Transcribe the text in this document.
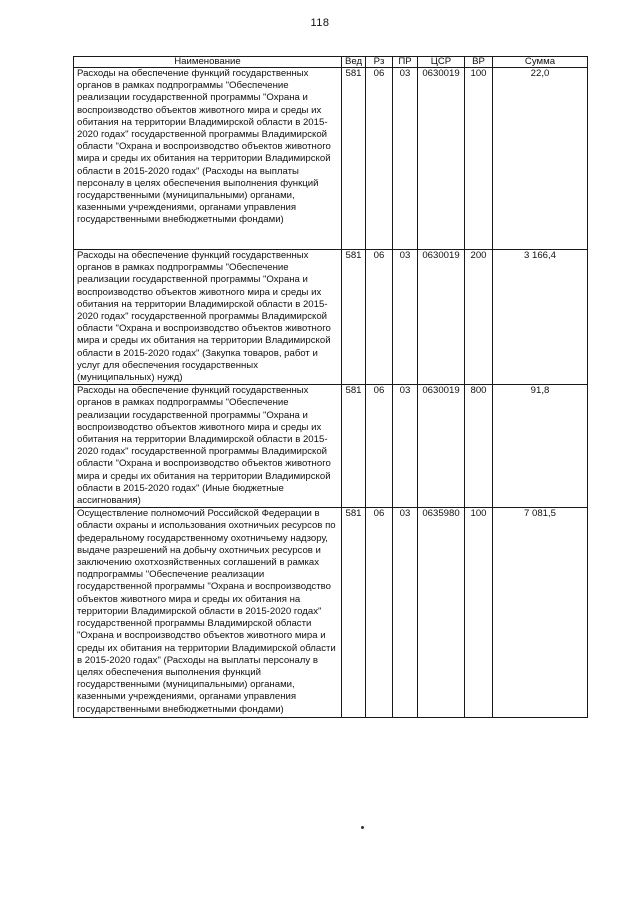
118
Наименование	Вед	Рз	ПР	ЦСР	ВР	Сумма
Расходы на обеспечение функций государственных органов в рамках подпрограммы "Обеспечение реализации государственной программы "Охрана и воспроизводство объектов животного мира и среды их обитания на территории Владимирской области в 2015-2020 годах" государственной программы Владимирской области "Охрана и воспроизводство объектов животного мира и среды их обитания на территории Владимирской области в 2015-2020 годах" (Расходы на выплаты персоналу в целях обеспечения выполнения функций государственными (муниципальными) органами, казенными учреждениями, органами управления государственными внебюджетными фондами)	581	06	03	0630019	100	22,0
Расходы на обеспечение функций государственных органов в рамках подпрограммы "Обеспечение реализации государственной программы "Охрана и воспроизводство объектов животного мира и среды их обитания на территории Владимирской области в 2015-2020 годах" государственной программы Владимирской области "Охрана и воспроизводство объектов животного мира и среды их обитания на территории Владимирской области в 2015-2020 годах" (Закупка товаров, работ и услуг для обеспечения государственных (муниципальных) нужд)	581	06	03	0630019	200	3 166,4
Расходы на обеспечение функций государственных органов в рамках подпрограммы "Обеспечение реализации государственной программы "Охрана и воспроизводство объектов животного мира и среды их обитания на территории Владимирской области в 2015-2020 годах" государственной программы Владимирской области "Охрана и воспроизводство объектов животного мира и среды их обитания на территории Владимирской области в 2015-2020 годах" (Иные бюджетные ассигнования)	581	06	03	0630019	800	91,8
Осуществление полномочий Российской Федерации в области охраны и использования охотничьих ресурсов по федеральному государственному охотничьему надзору, выдаче разрешений на добычу охотничьих ресурсов и заключению охотхозяйственных соглашений в рамках подпрограммы "Обеспечение реализации государственной программы "Охрана и воспроизводство объектов животного мира и среды их обитания на территории Владимирской области в 2015-2020 годах" государственной программы Владимирской области "Охрана и воспроизводство объектов животного мира и среды их обитания на территории Владимирской области в 2015-2020 годах" (Расходы на выплаты персоналу в целях обеспечения выполнения функций государственными (муниципальными) органами, казенными учреждениями, органами управления государственными внебюджетными фондами)	581	06	03	0635980	100	7 081,5
